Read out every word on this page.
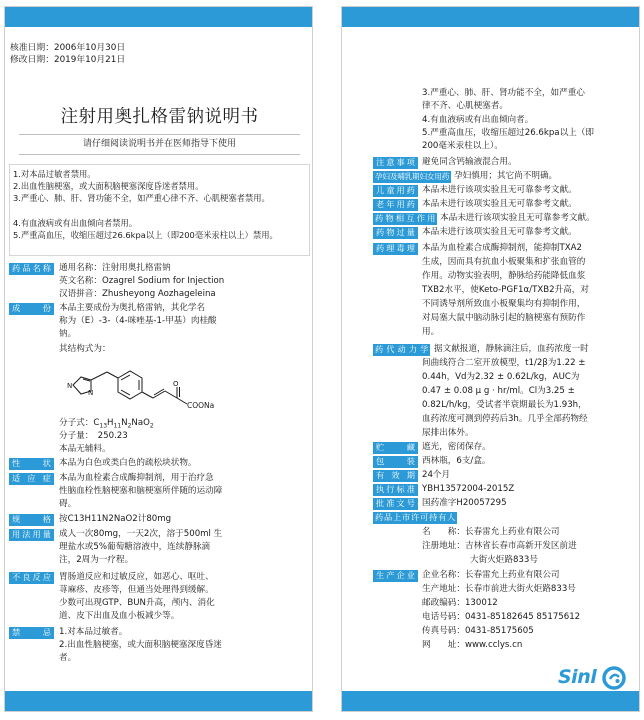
核准日期：2006年10月30日
修改日期：2019年10月21日
注射用奥扎格雷钠说明书
请仔细阅读说明书并在医师指导下使用
1.对本品过敏者禁用。
2.出血性脑梗塞，或大面积脑梗塞深度昏迷者禁用。
3.严重心、肺、肝、肾功能不全，如严重心律不齐、心肌梗塞者禁用。
4.有血液病或有出血倾向者禁用。
5.严重高血压，收缩压超过26.6kpa以上（即200毫米汞柱以上）禁用。
药品名称 通用名称：注射用奥扎格雷钠
英文名称：Ozagrel Sodium for Injection
汉语拼音：Zhusheyong Aozhageleina
成　　份 本品主要成份为奥扎格雷钠，其化学名
称为（E）-3-（4-咪唑基-1-甲基）肉桂酸
钠。
其结构式为：
N
N
O
COONa
分子式：$C_{13}H_{11}N_2NaO_2$
分子量：　250.23
本品无辅料。
性　　状 本品为白色或类白色的疏松块状物。
适应症 本品为血栓素合成酶抑制剂，用于治疗急
性脑血栓性脑梗塞和脑梗塞所伴随的运动障
碍。
规　　格 按C13H11N2NaO2计80mg
用法用量 成人一次80mg，一天2次，溶于500ml 生
理盐水或5%葡萄糖溶液中，连续静脉滴
注，2周为一疗程。
不良反应 胃肠道反应和过敏反应，如恶心、呕吐、
荨麻疹、皮疹等，但通当处理得到缓解。
少数可出现GTP、BUN升高，颅内、消化
道、皮下出血及血小板减少等。
禁　　忌 1.对本品过敏者。
2.出血性脑梗塞，或大面积脑梗塞深度昏迷
者。
3.严重心、肺、肝、肾功能不全，如严重心
律不齐、心肌梗塞者。
4.有血液病或有出血倾向者。
5.严重高血压，收缩压超过26.6kpa以上（即
200毫米汞柱以上）。
注意事项 避免同含钙输液混合用。
孕妇及哺乳期妇女用药 孕妇慎用；其它尚不明确。
儿童用药 本品未进行该项实验且无可靠参考文献。
老年用药 本品未进行该项实验且无可靠参考文献。
药物相互作用 本品未进行该项实验且无可靠参考文献。
药物过量 本品未进行该项实验且无可靠参考文献。
药理毒理 本品为血栓素合成酶抑制剂，能抑制TXA2
生成，因而具有抗血小板聚集和扩张血管的
作用。动物实验表明，静脉给药能降低血浆
TXB2水平，使Keto-PGF1α/TXB2升高，对
不同诱导剂所致血小板聚集均有抑制作用，
对局塞大鼠中脑动脉引起的脑梗塞有预防作
用。
药代动力学 据文献报道，静脉滴注后，血药浓度一时
间曲线符合二室开放模型，t1/2β为1.22 ±
0.44h，Vd为2.32 ± 0.62L/kg，AUC为
0.47 ± 0.08 μ g · hr/ml。Cl为3.25 ±
0.82L/h/kg，受试者半衰期最长为1.93h，
血药浓度可测到停药后3h。几乎全部药物经
尿排出体外。
贮　　藏 遮光，密闭保存。
包　　装 西林瓶，6支/盒。
有效期 24个月
执行标准 YBH13572004-2015Z
批准文号 国药准字H20057295
药品上市许可持有人
名　　称：长春雷允上药业有限公司
注册地址：吉林省长春市高新开发区前进
大街火炬路833号
生产企业 企业名称：长春雷允上药业有限公司
生产地址：长春市前进大街火炬路833号
邮政编码：130012
电话号码：0431-85182645 85175612
传真号码：0431-85175605
网　　址：www.cclys.cn
Sinl
